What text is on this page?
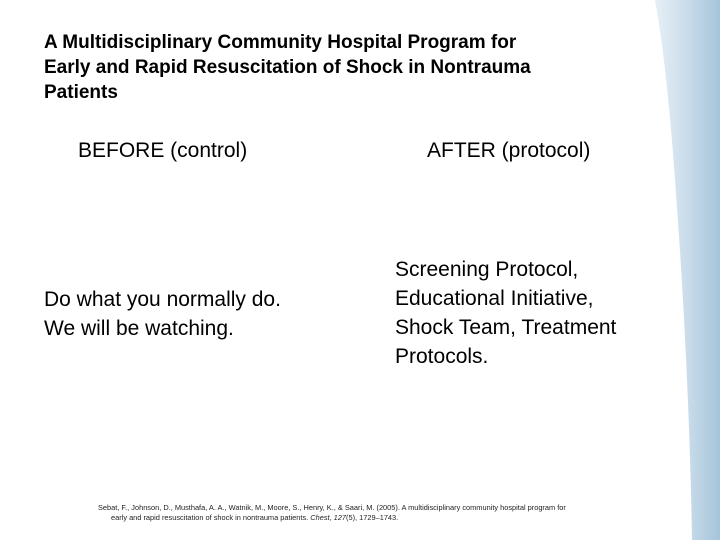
A Multidisciplinary Community Hospital Program for
Early and Rapid Resuscitation of Shock in Nontrauma
Patients
BEFORE (control)	AFTER (protocol)
Do what you normally do.
We will be watching.
Screening Protocol,
Educational Initiative,
Shock Team, Treatment
Protocols.
Sebat, F., Johnson, D., Musthafa, A. A., Watnik, M., Moore, S., Henry, K., & Saari, M. (2005). A multidisciplinary community hospital program for
early and rapid resuscitation of shock in nontrauma patients. Chest, 127(5), 1729–1743.
